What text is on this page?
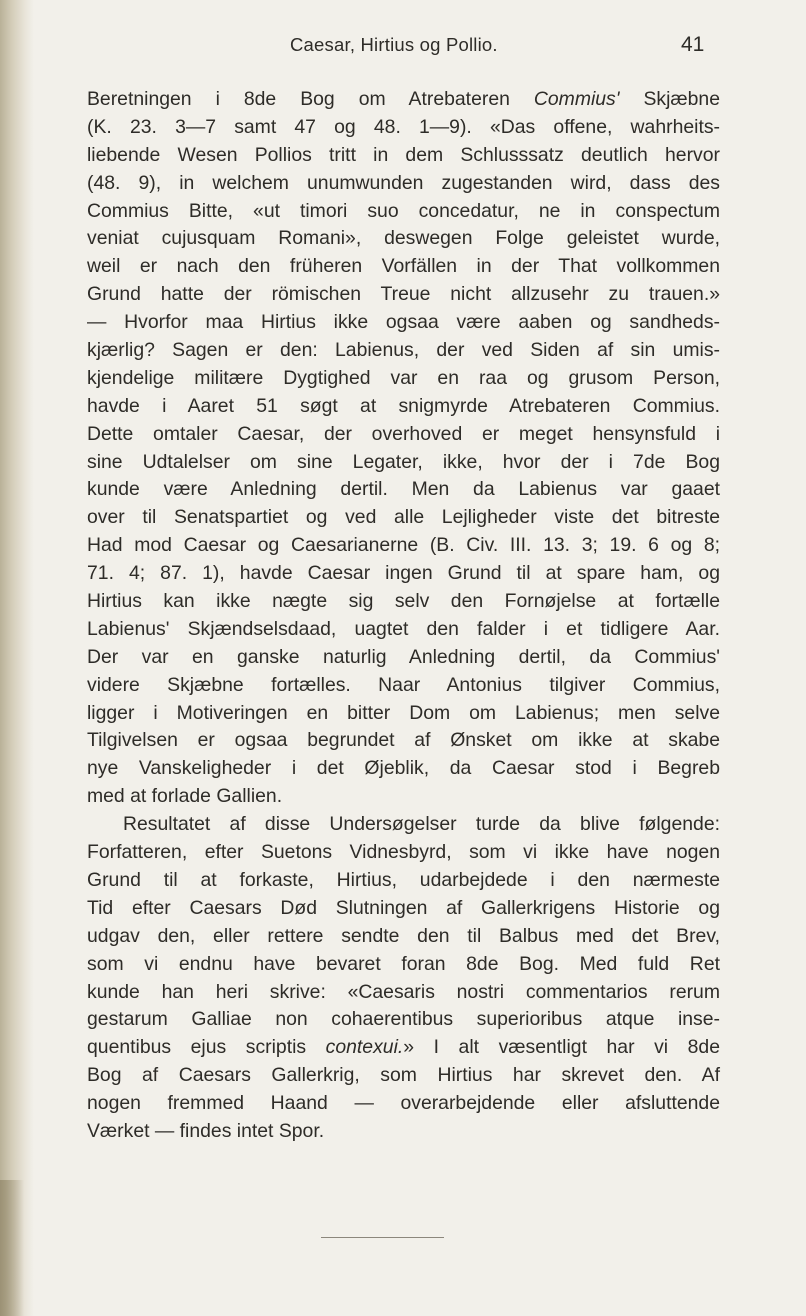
Caesar, Hirtius og Pollio.	41
Beretningen i 8de Bog om Atrebateren Commius' Skjæbne
(K. 23. 3—7 samt 47 og 48. 1—9). «Das offene, wahrheits-
liebende Wesen Pollios tritt in dem Schlusssatz deutlich hervor
(48. 9), in welchem unumwunden zugestanden wird, dass des
Commius Bitte, «ut timori suo concedatur, ne in conspectum
veniat cujusquam Romani», deswegen Folge geleistet wurde,
weil er nach den früheren Vorfällen in der That vollkommen
Grund hatte der römischen Treue nicht allzusehr zu trauen.»
— Hvorfor maa Hirtius ikke ogsaa være aaben og sandheds-
kjærlig? Sagen er den: Labienus, der ved Siden af sin umis-
kjendelige militære Dygtighed var en raa og grusom Person,
havde i Aaret 51 søgt at snigmyrde Atrebateren Commius.
Dette omtaler Caesar, der overhoved er meget hensynsfuld i
sine Udtalelser om sine Legater, ikke, hvor der i 7de Bog
kunde være Anledning dertil. Men da Labienus var gaaet
over til Senatspartiet og ved alle Lejligheder viste det bitreste
Had mod Caesar og Caesarianerne (B. Civ. III. 13. 3; 19. 6 og 8;
71. 4; 87. 1), havde Caesar ingen Grund til at spare ham, og
Hirtius kan ikke nægte sig selv den Fornøjelse at fortælle
Labienus' Skjændselsdaad, uagtet den falder i et tidligere Aar.
Der var en ganske naturlig Anledning dertil, da Commius'
videre Skjæbne fortælles. Naar Antonius tilgiver Commius,
ligger i Motiveringen en bitter Dom om Labienus; men selve
Tilgivelsen er ogsaa begrundet af Ønsket om ikke at skabe
nye Vanskeligheder i det Øjeblik, da Caesar stod i Begreb
med at forlade Gallien.
Resultatet af disse Undersøgelser turde da blive følgende:
Forfatteren, efter Suetons Vidnesbyrd, som vi ikke have nogen
Grund til at forkaste, Hirtius, udarbejdede i den nærmeste
Tid efter Caesars Død Slutningen af Gallerkrigens Historie og
udgav den, eller rettere sendte den til Balbus med det Brev,
som vi endnu have bevaret foran 8de Bog. Med fuld Ret
kunde han heri skrive: «Caesaris nostri commentarios rerum
gestarum Galliae non cohaerentibus superioribus atque inse-
quentibus ejus scriptis contexui.» I alt væsentligt har vi 8de
Bog af Caesars Gallerkrig, som Hirtius har skrevet den. Af
nogen fremmed Haand — overarbejdende eller afsluttende
Værket — findes intet Spor.
